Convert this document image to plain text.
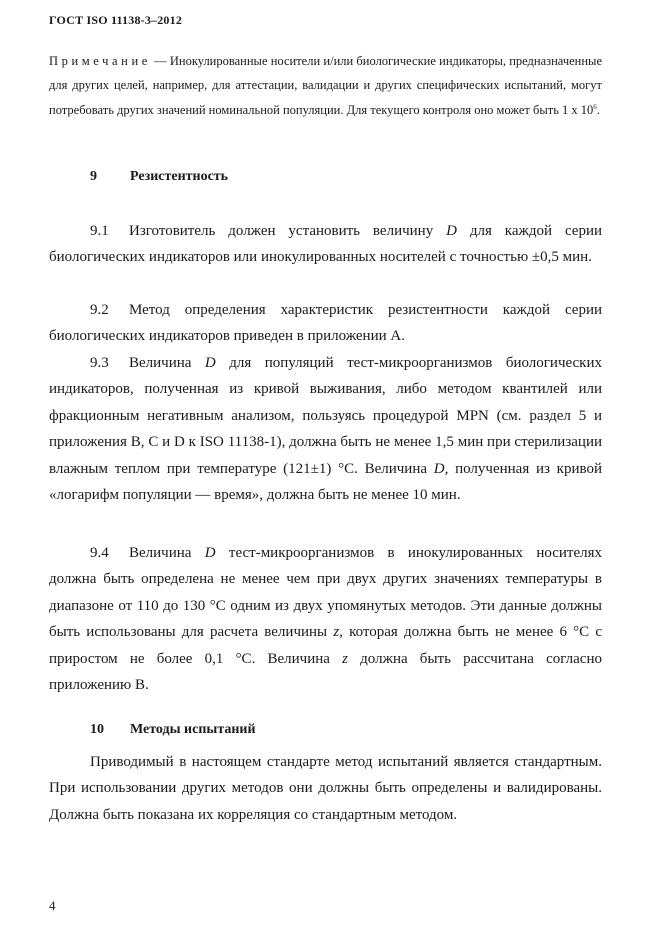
ГОСТ ISO 11138-3–2012
Примечание — Инокулированные носители и/или биологические индикаторы, предназначенные для других целей, например, для аттестации, валидации и других специфических испытаний, могут потребовать других значений номинальной популяции. Для текущего контроля оно может быть 1 х $10^6$.
9 Резистентность

9.1 Изготовитель должен установить величину D для каждой серии биологических индикаторов или инокулированных носителей с точностью ±0,5 мин.

9.2 Метод определения характеристик резистентности каждой серии биологических индикаторов приведен в приложении А.

9.3 Величина D для популяций тест-микроорганизмов биологических индикаторов, полученная из кривой выживания, либо методом квантилей или фракционным негативным анализом, пользуясь процедурой MPN (см. раздел 5 и приложения B, C и D к ISO 11138-1), должна быть не менее 1,5 мин при стерилизации влажным теплом при температуре (121±1) °С. Величина D, полученная из кривой «логарифм популяции — время», должна быть не менее 10 мин.

9.4 Величина D тест-микроорганизмов в инокулированных носителях должна быть определена не менее чем при двух других значениях температуры в диапазоне от 110 до 130 °С одним из двух упомянутых методов. Эти данные должны быть использованы для расчета величины z, которая должна быть не менее 6 °С с приростом не более 0,1 °С. Величина z должна быть рассчитана согласно приложению B.

10 Методы испытаний

Приводимый в настоящем стандарте метод испытаний является стандартным. При использовании других методов они должны быть определены и валидированы. Должна быть показана их корреляция со стандартным методом.

4
